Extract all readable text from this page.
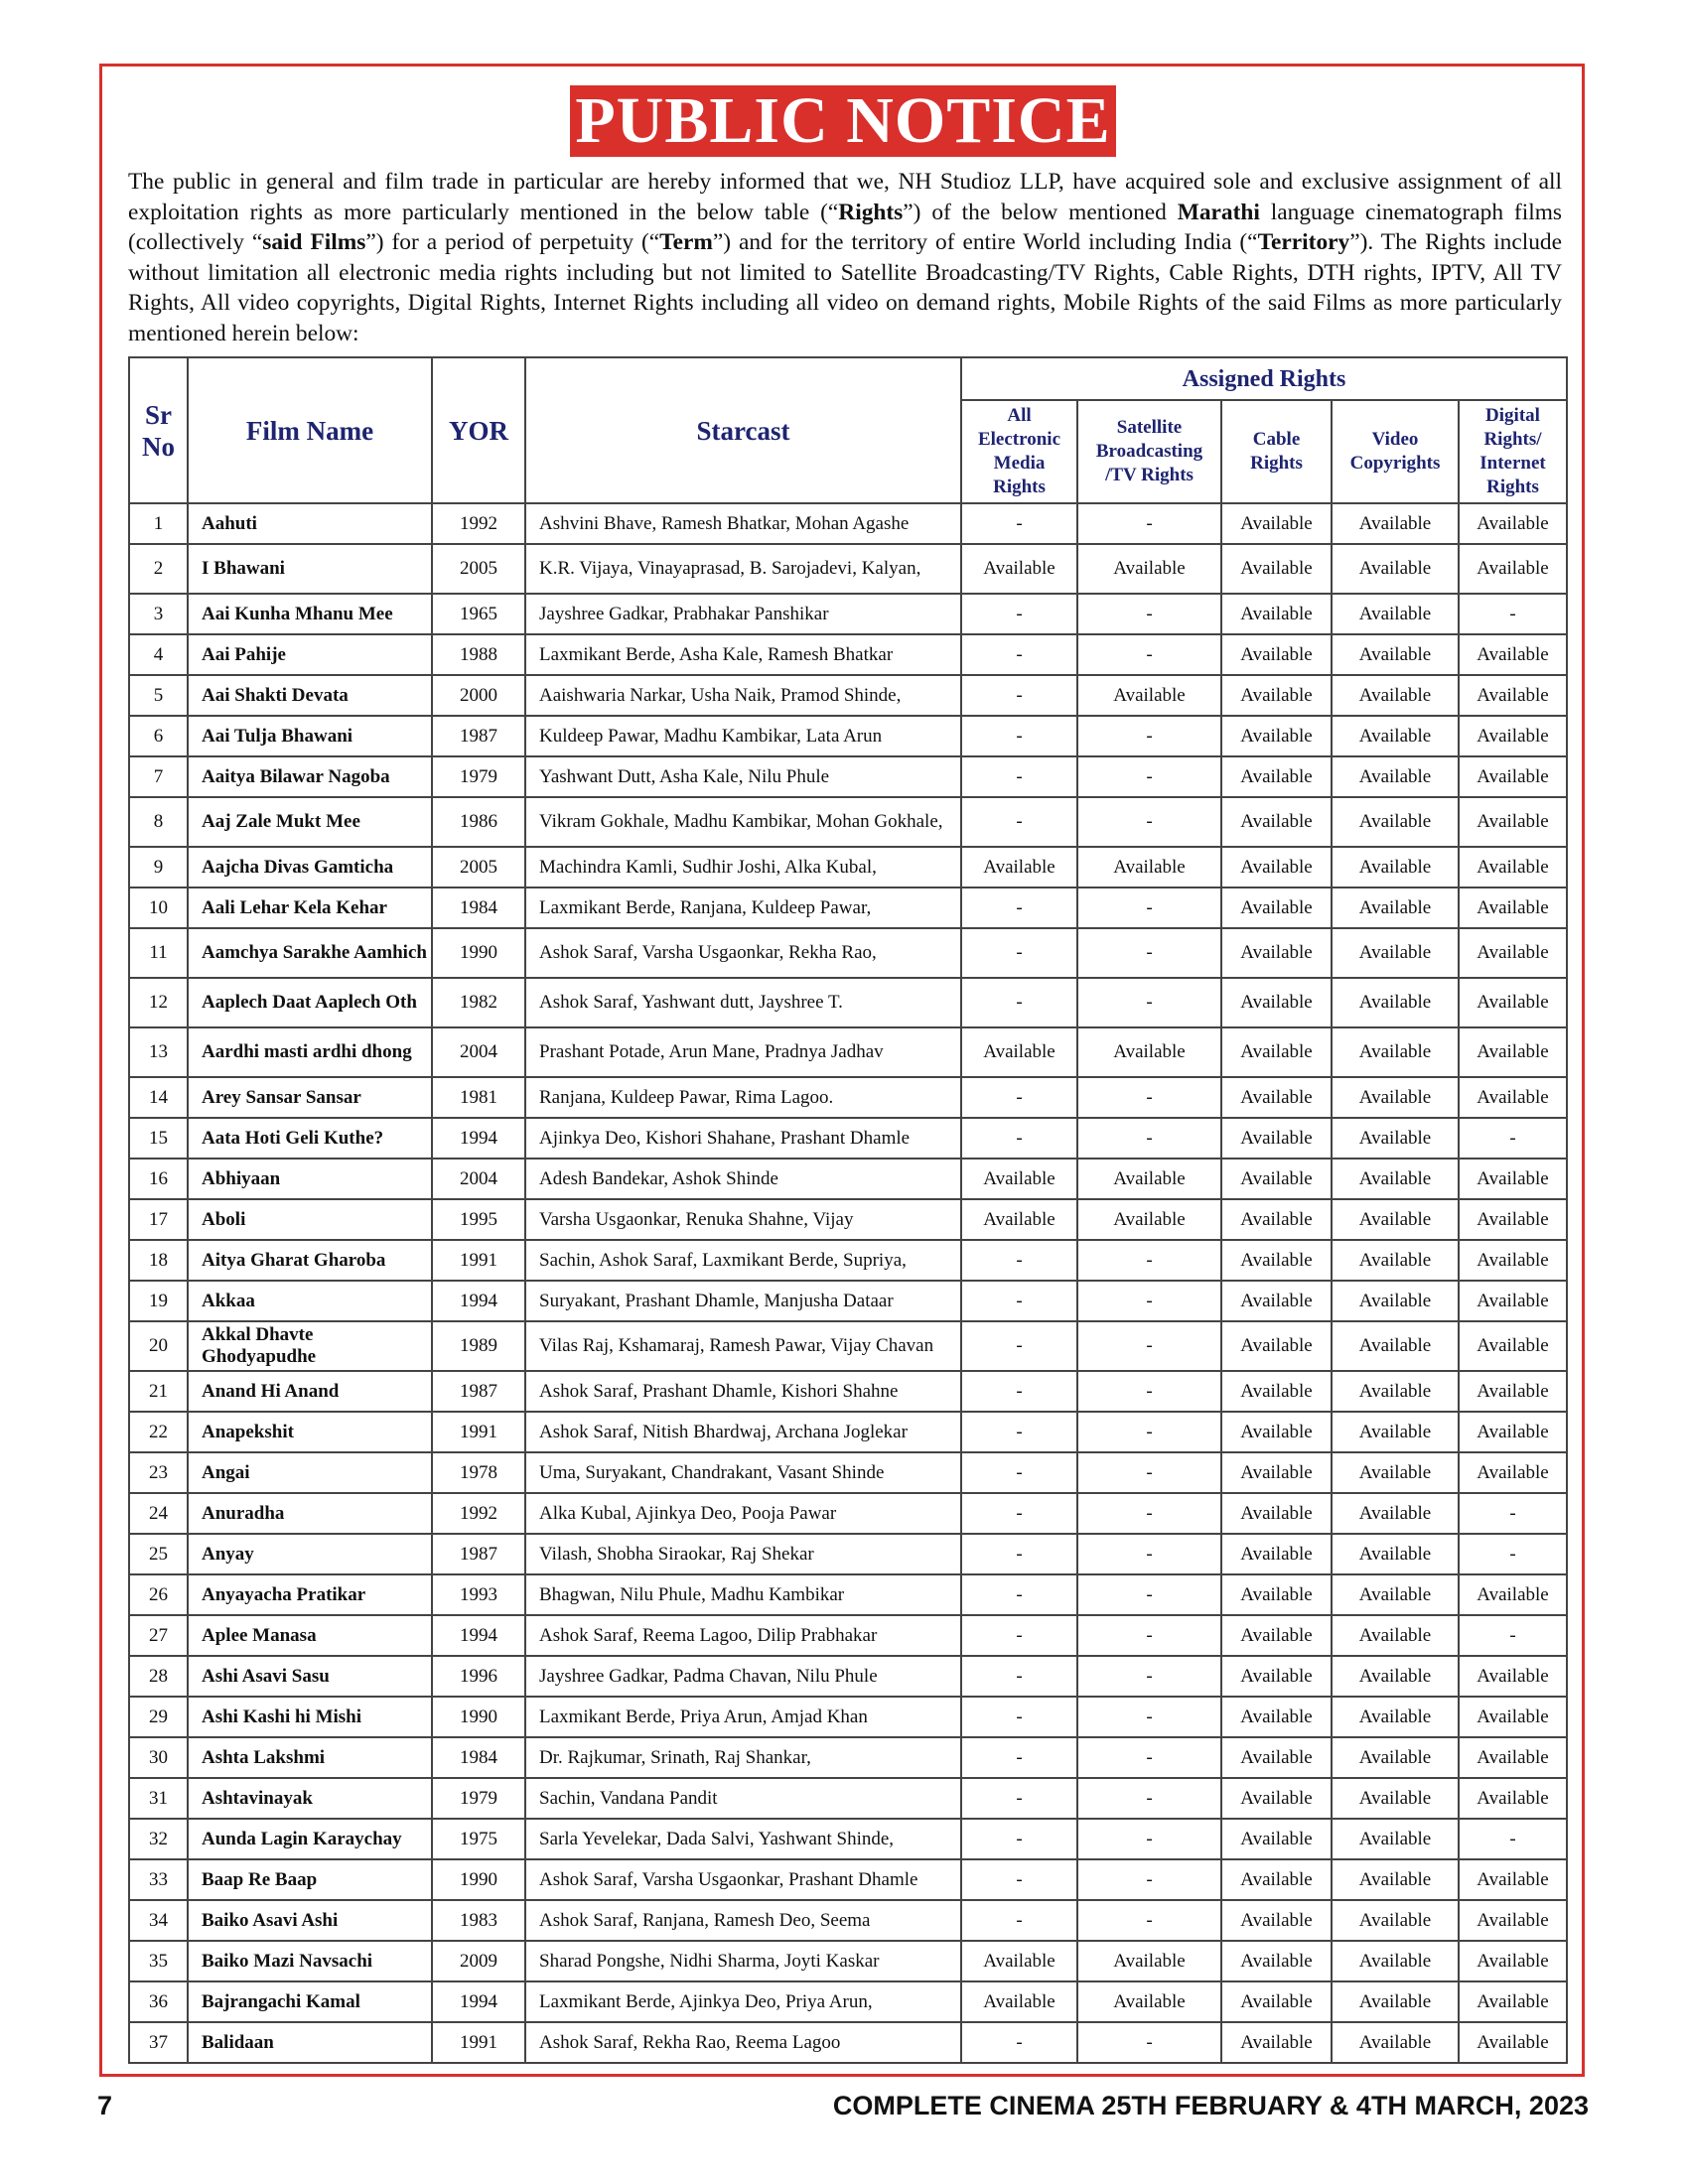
PUBLIC NOTICE
The public in general and film trade in particular are hereby informed that we, NH Studioz LLP, have acquired sole and exclusive assignment of all exploitation rights as more particularly mentioned in the below table (“Rights”) of the below mentioned Marathi language cinematograph films (collectively “said Films”) for a period of perpetuity (“Term”) and for the territory of entire World including India (“Territory”). The Rights include without limitation all electronic media rights including but not limited to Satellite Broadcasting/TV Rights, Cable Rights, DTH rights, IPTV, All TV Rights, All video copyrights, Digital Rights, Internet Rights including all video on demand rights, Mobile Rights of the said Films as more particularly mentioned herein below:
Sr
No	Film Name	YOR	Starcast	Assigned Rights				
				All
Electronic
Media
Rights	Satellite
Broadcasting
/TV Rights	Cable
Rights	Video
Copyrights	Digital
Rights/
Internet
Rights
1	Aahuti	1992	Ashvini Bhave, Ramesh Bhatkar, Mohan Agashe	-	-	Available	Available	Available
2	I Bhawani	2005	K.R. Vijaya, Vinayaprasad, B. Sarojadevi, Kalyan,	Available	Available	Available	Available	Available
3	Aai Kunha Mhanu Mee	1965	Jayshree Gadkar, Prabhakar Panshikar	-	-	Available	Available	-
4	Aai Pahije	1988	Laxmikant Berde, Asha Kale, Ramesh Bhatkar	-	-	Available	Available	Available
5	Aai Shakti Devata	2000	Aaishwaria Narkar, Usha Naik, Pramod Shinde,	-	Available	Available	Available	Available
6	Aai Tulja Bhawani	1987	Kuldeep Pawar, Madhu Kambikar, Lata Arun	-	-	Available	Available	Available
7	Aaitya Bilawar Nagoba	1979	Yashwant Dutt, Asha Kale, Nilu Phule	-	-	Available	Available	Available
8	Aaj Zale Mukt Mee	1986	Vikram Gokhale, Madhu Kambikar, Mohan Gokhale,	-	-	Available	Available	Available
9	Aajcha Divas Gamticha	2005	Machindra Kamli, Sudhir Joshi, Alka Kubal,	Available	Available	Available	Available	Available
10	Aali Lehar Kela Kehar	1984	Laxmikant Berde, Ranjana, Kuldeep Pawar,	-	-	Available	Available	Available
11	Aamchya Sarakhe Aamhich	1990	Ashok Saraf, Varsha Usgaonkar, Rekha Rao,	-	-	Available	Available	Available
12	Aaplech Daat Aaplech Oth	1982	Ashok Saraf, Yashwant dutt, Jayshree T.	-	-	Available	Available	Available
13	Aardhi masti ardhi dhong	2004	Prashant Potade, Arun Mane, Pradnya Jadhav	Available	Available	Available	Available	Available
14	Arey Sansar Sansar	1981	Ranjana, Kuldeep Pawar, Rima Lagoo.	-	-	Available	Available	Available
15	Aata Hoti Geli Kuthe?	1994	Ajinkya Deo, Kishori Shahane, Prashant Dhamle	-	-	Available	Available	-
16	Abhiyaan	2004	Adesh Bandekar, Ashok Shinde	Available	Available	Available	Available	Available
17	Aboli	1995	Varsha Usgaonkar, Renuka Shahne, Vijay	Available	Available	Available	Available	Available
18	Aitya Gharat Gharoba	1991	Sachin, Ashok Saraf, Laxmikant Berde, Supriya,	-	-	Available	Available	Available
19	Akkaa	1994	Suryakant, Prashant Dhamle, Manjusha Dataar	-	-	Available	Available	Available
20	Akkal Dhavte Ghodyapudhe	1989	Vilas Raj, Kshamaraj, Ramesh Pawar, Vijay Chavan	-	-	Available	Available	Available
21	Anand Hi Anand	1987	Ashok Saraf, Prashant Dhamle, Kishori Shahne	-	-	Available	Available	Available
22	Anapekshit	1991	Ashok Saraf, Nitish Bhardwaj, Archana Joglekar	-	-	Available	Available	Available
23	Angai	1978	Uma, Suryakant, Chandrakant, Vasant Shinde	-	-	Available	Available	Available
24	Anuradha	1992	Alka Kubal, Ajinkya Deo, Pooja Pawar	-	-	Available	Available	-
25	Anyay	1987	Vilash, Shobha Siraokar, Raj Shekar	-	-	Available	Available	-
26	Anyayacha Pratikar	1993	Bhagwan, Nilu Phule, Madhu Kambikar	-	-	Available	Available	Available
27	Aplee Manasa	1994	Ashok Saraf, Reema Lagoo, Dilip Prabhakar	-	-	Available	Available	-
28	Ashi Asavi Sasu	1996	Jayshree Gadkar, Padma Chavan, Nilu Phule	-	-	Available	Available	Available
29	Ashi Kashi hi Mishi	1990	Laxmikant Berde, Priya Arun, Amjad Khan	-	-	Available	Available	Available
30	Ashta Lakshmi	1984	Dr. Rajkumar, Srinath, Raj Shankar,	-	-	Available	Available	Available
31	Ashtavinayak	1979	Sachin, Vandana Pandit	-	-	Available	Available	Available
32	Aunda Lagin Karaychay	1975	Sarla Yevelekar, Dada Salvi, Yashwant Shinde,	-	-	Available	Available	-
33	Baap Re Baap	1990	Ashok Saraf, Varsha Usgaonkar, Prashant Dhamle	-	-	Available	Available	Available
34	Baiko Asavi Ashi	1983	Ashok Saraf, Ranjana, Ramesh Deo, Seema	-	-	Available	Available	Available
35	Baiko Mazi Navsachi	2009	Sharad Pongshe, Nidhi Sharma, Joyti Kaskar	Available	Available	Available	Available	Available
36	Bajrangachi Kamal	1994	Laxmikant Berde, Ajinkya Deo, Priya Arun,	Available	Available	Available	Available	Available
37	Balidaan	1991	Ashok Saraf, Rekha Rao, Reema Lagoo	-	-	Available	Available	Available
7	COMPLETE CINEMA 25TH FEBRUARY & 4TH MARCH, 2023
